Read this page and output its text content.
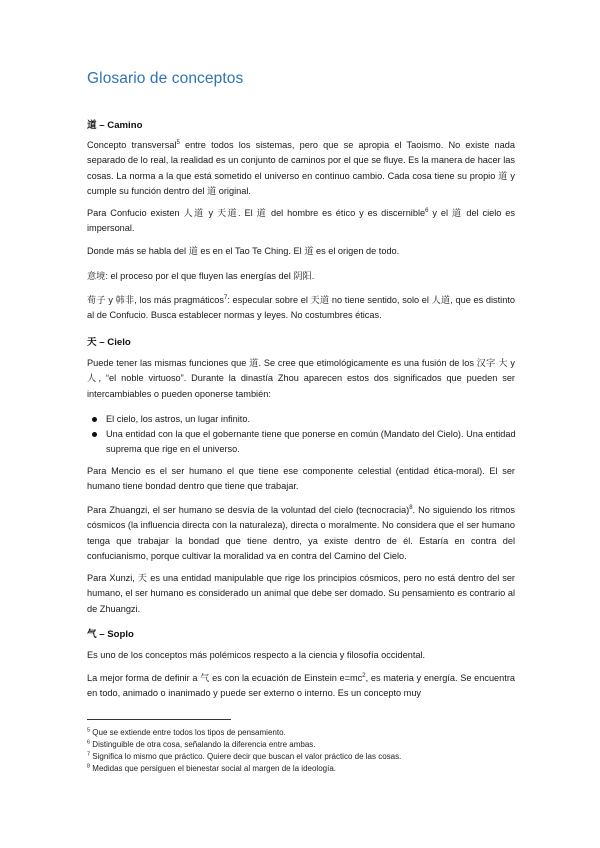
Glosario de conceptos
道 – Camino
Concepto transversal$^5$ entre todos los sistemas, pero que se apropia el Taoismo. No existe nada separado de lo real, la realidad es un conjunto de caminos por el que se fluye. Es la manera de hacer las cosas. La norma a la que está sometido el universo en continuo cambio. Cada cosa tiene su propio 道 y cumple su función dentro del 道 original.
Para Confucio existen 人道 y 天道. El 道 del hombre es ético y es discernible$^6$ y el 道 del cielo es impersonal.
Donde más se habla del 道 es en el Tao Te Ching. El 道 es el origen de todo.
意境: el proceso por el que fluyen las energías del 阴阳.
荀子 y 韩非, los más pragmáticos$^7$: especular sobre el 天道 no tiene sentido, solo el 人道, que es distinto al de Confucio. Busca establecer normas y leyes. No costumbres éticas.
天 – Cielo
Puede tener las mismas funciones que 道. Se cree que etimológicamente es una fusión de los 汉字 大 y 人, “el noble virtuoso”. Durante la dinastía Zhou aparecen estos dos significados que pueden ser intercambiables o pueden oponerse también:
El cielo, los astros, un lugar infinito.
Una entidad con la que el gobernante tiene que ponerse en común (Mandato del Cielo). Una entidad suprema que rige en el universo.
Para Mencio es el ser humano el que tiene ese componente celestial (entidad ética-moral). El ser humano tiene bondad dentro que tiene que trabajar.
Para Zhuangzi, el ser humano se desvía de la voluntad del cielo (tecnocracia)$^8$. No siguiendo los ritmos cósmicos (la influencia directa con la naturaleza), directa o moralmente. No considera que el ser humano tenga que trabajar la bondad que tiene dentro, ya existe dentro de él. Estaría en contra del confucianismo, porque cultivar la moralidad va en contra del Camino del Cielo.
Para Xunzi, 天 es una entidad manipulable que rige los principios cósmicos, pero no está dentro del ser humano, el ser humano es considerado un animal que debe ser domado. Su pensamiento es contrario al de Zhuangzi.
气 – Soplo
Es uno de los conceptos más polémicos respecto a la ciencia y filosofía occidental.
La mejor forma de definir a 气 es con la ecuación de Einstein $e=mc^2$, es materia y energía. Se encuentra en todo, animado o inanimado y puede ser externo o interno. Es un concepto muy
$^5$ Que se extiende entre todos los tipos de pensamiento.
$^6$ Distinguible de otra cosa, señalando la diferencia entre ambas.
$^7$ Significa lo mismo que práctico. Quiere decir que buscan el valor práctico de las cosas.
$^8$ Medidas que persiguen el bienestar social al margen de la ideología.
